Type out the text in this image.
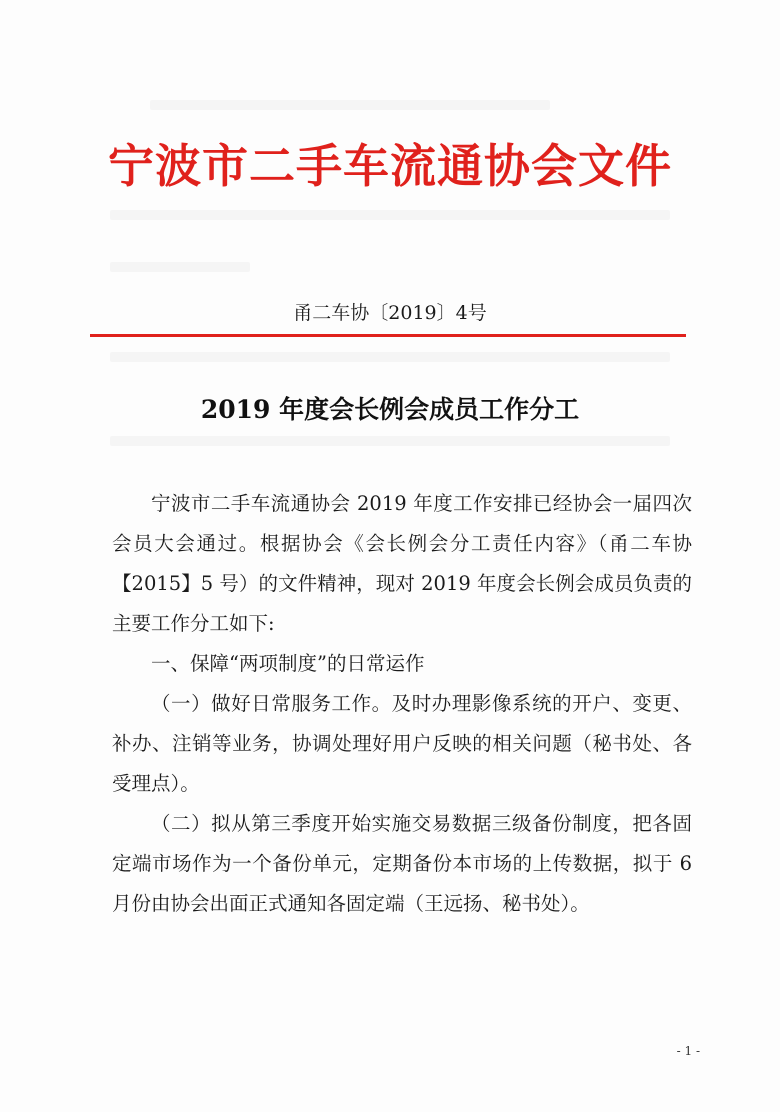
宁波市二手车流通协会文件
甬二车协〔2019〕4号
2019 年度会长例会成员工作分工

宁波市二手车流通协会 2019 年度工作安排已经协会一届四次会员大会通过。根据协会《会长例会分工责任内容》（甬二车协【2015】5 号）的文件精神，现对 2019 年度会长例会成员负责的主要工作分工如下:

一、保障“两项制度”的日常运作

（一）做好日常服务工作。及时办理影像系统的开户、变更、补办、注销等业务，协调处理好用户反映的相关问题（秘书处、各受理点）。

（二）拟从第三季度开始实施交易数据三级备份制度，把各固定端市场作为一个备份单元，定期备份本市场的上传数据，拟于 6 月份由协会出面正式通知各固定端（王远扬、秘书处）。

- 1 -
